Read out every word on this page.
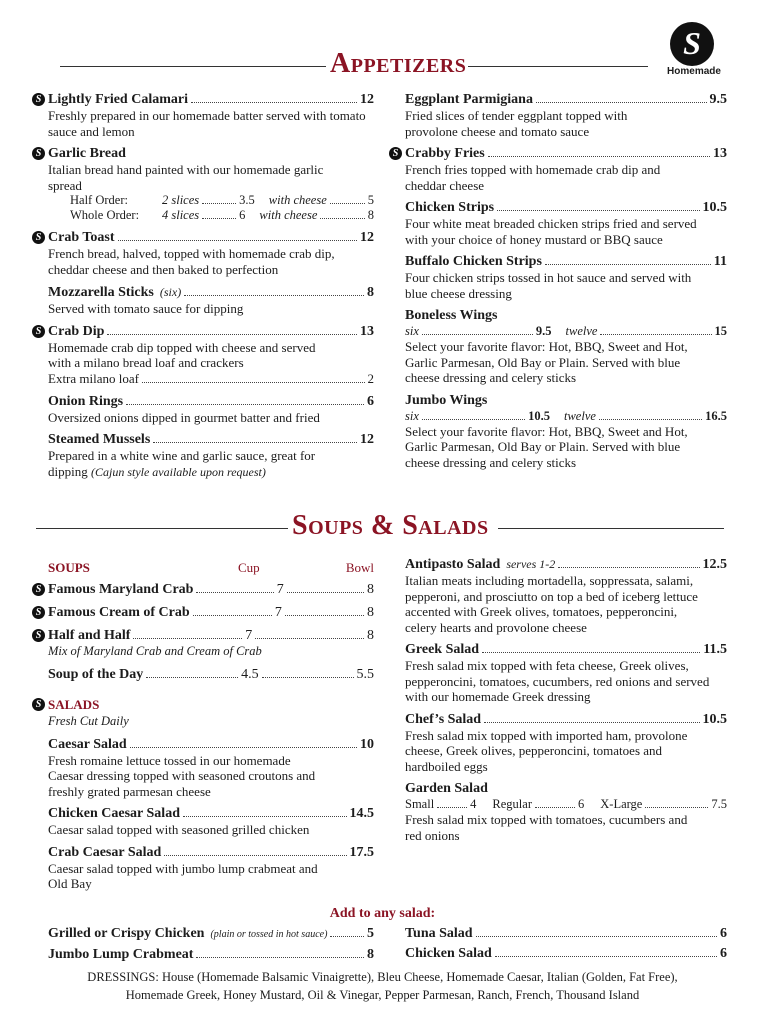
Appetizers
S
Homemade
S Lightly Fried Calamari	12
Freshly prepared in our homemade batter served with tomato sauce and lemon
S Garlic Bread
Italian bread hand painted with our homemade garlic spread
Half Order:	2 slices	3.5 with cheese	5
Whole Order:	4 slices	6 with cheese	8
S Crab Toast	12
French bread, halved, topped with homemade crab dip, cheddar cheese and then baked to perfection
Mozzarella Sticks (six)	8
Served with tomato sauce for dipping
S Crab Dip	13
Homemade crab dip topped with cheese and served with a milano bread loaf and crackers
Extra milano loaf	2
Onion Rings	6
Oversized onions dipped in gourmet batter and fried
Steamed Mussels	12
Prepared in a white wine and garlic sauce, great for dipping (Cajun style available upon request)
Eggplant Parmigiana	9.5
Fried slices of tender eggplant topped with provolone cheese and tomato sauce
S Crabby Fries	13
French fries topped with homemade crab dip and cheddar cheese
Chicken Strips	10.5
Four white meat breaded chicken strips fried and served with your choice of honey mustard or BBQ sauce
Buffalo Chicken Strips	11
Four chicken strips tossed in hot sauce and served with blue cheese dressing
Boneless Wings
six	9.5 twelve	15
Select your favorite flavor: Hot, BBQ, Sweet and Hot, Garlic Parmesan, Old Bay or Plain. Served with blue cheese dressing and celery sticks
Jumbo Wings
six	10.5 twelve	16.5
Select your favorite flavor: Hot, BBQ, Sweet and Hot, Garlic Parmesan, Old Bay or Plain. Served with blue cheese dressing and celery sticks
Soups & Salads
SOUPS	Cup	Bowl
S Famous Maryland Crab	7	8
S Famous Cream of Crab	7	8
S Half and Half	7	8
Mix of Maryland Crab and Cream of Crab
Soup of the Day	4.5	5.5
S SALADS
Fresh Cut Daily
Caesar Salad	10
Fresh romaine lettuce tossed in our homemade Caesar dressing topped with seasoned croutons and freshly grated parmesan cheese
Chicken Caesar Salad	14.5
Caesar salad topped with seasoned grilled chicken
Crab Caesar Salad	17.5
Caesar salad topped with jumbo lump crabmeat and Old Bay
Antipasto Salad serves 1-2	12.5
Italian meats including mortadella, soppressata, salami, pepperoni, and prosciutto on top a bed of iceberg lettuce accented with Greek olives, tomatoes, pepperoncini, celery hearts and provolone cheese
Greek Salad	11.5
Fresh salad mix topped with feta cheese, Greek olives, pepperoncini, tomatoes, cucumbers, red onions and served with our homemade Greek dressing
Chef’s Salad	10.5
Fresh salad mix topped with imported ham, provolone cheese, Greek olives, pepperoncini, tomatoes and hardboiled eggs
Garden Salad
Small	4 Regular	6 X-Large	7.5
Fresh salad mix topped with tomatoes, cucumbers and red onions
Add to any salad:
Grilled or Crispy Chicken (plain or tossed in hot sauce)	5
Jumbo Lump Crabmeat	8
Tuna Salad	6
Chicken Salad	6
DRESSINGS: House (Homemade Balsamic Vinaigrette), Bleu Cheese, Homemade Caesar, Italian (Golden, Fat Free),
Homemade Greek, Honey Mustard, Oil & Vinegar, Pepper Parmesan, Ranch, French, Thousand Island
